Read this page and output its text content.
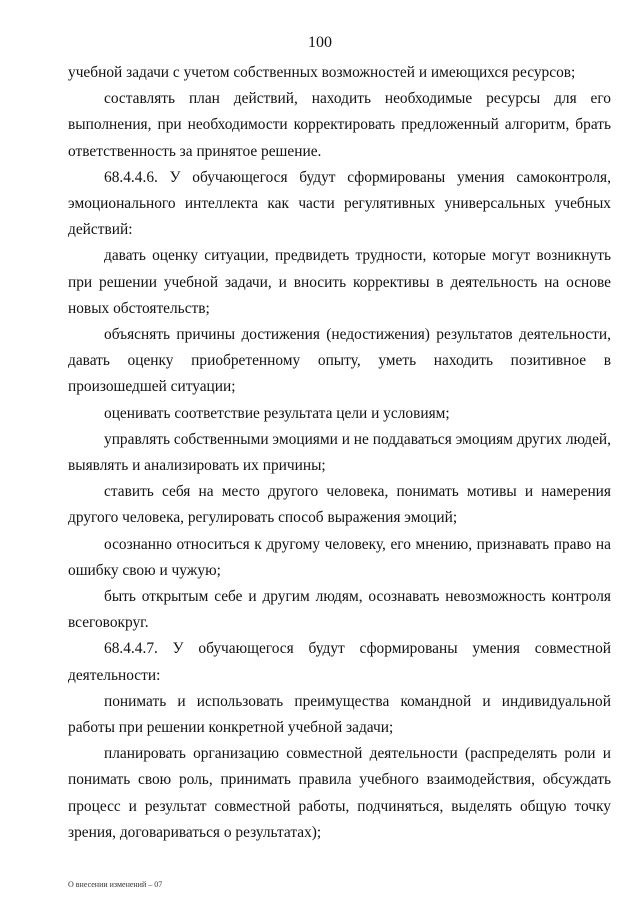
100

учебной задачи с учетом собственных возможностей и имеющихся ресурсов;

составлять план действий, находить необходимые ресурсы для его выполнения, при необходимости корректировать предложенный алгоритм, брать ответственность за принятое решение.

68.4.4.6. У обучающегося будут сформированы умения самоконтроля, эмоционального интеллекта как части регулятивных универсальных учебных действий:

давать оценку ситуации, предвидеть трудности, которые могут возникнуть при решении учебной задачи, и вносить коррективы в деятельность на основе новых обстоятельств;

объяснять причины достижения (недостижения) результатов деятельности, давать оценку приобретенному опыту, уметь находить позитивное в произошедшей ситуации;

оценивать соответствие результата цели и условиям;

управлять собственными эмоциями и не поддаваться эмоциям других людей, выявлять и анализировать их причины;

ставить себя на место другого человека, понимать мотивы и намерения другого человека, регулировать способ выражения эмоций;

осознанно относиться к другому человеку, его мнению, признавать право на ошибку свою и чужую;

быть открытым себе и другим людям, осознавать невозможность контроля всеговокруг.

68.4.4.7. У обучающегося будут сформированы умения совместной деятельности:

понимать и использовать преимущества командной и индивидуальной работы при решении конкретной учебной задачи;

планировать организацию совместной деятельности (распределять роли и понимать свою роль, принимать правила учебного взаимодействия, обсуждать процесс и результат совместной работы, подчиняться, выделять общую точку зрения, договариваться о результатах);

О внесении изменений – 07
